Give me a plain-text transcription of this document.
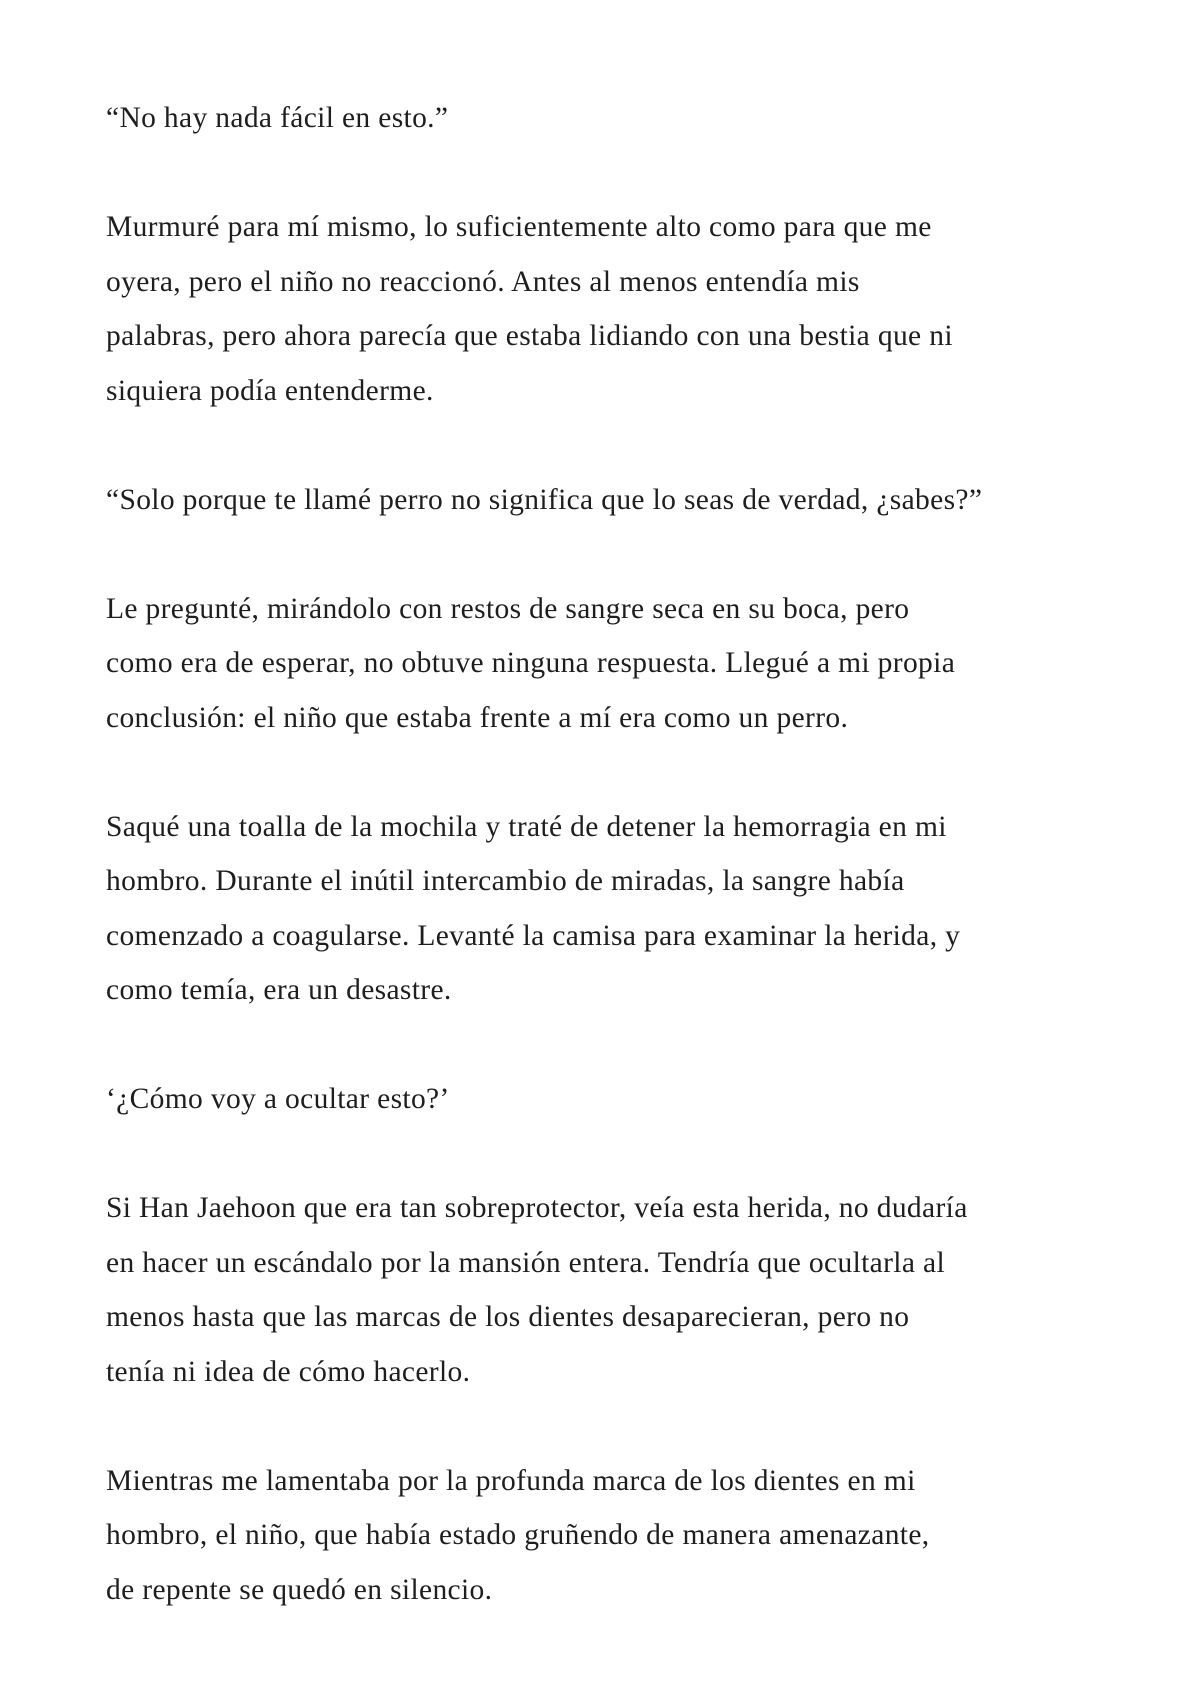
“No hay nada fácil en esto.”

Murmuré para mí mismo, lo suficientemente alto como para que me
oyera, pero el niño no reaccionó. Antes al menos entendía mis
palabras, pero ahora parecía que estaba lidiando con una bestia que ni
siquiera podía entenderme.

“Solo porque te llamé perro no significa que lo seas de verdad, ¿sabes?”

Le pregunté, mirándolo con restos de sangre seca en su boca, pero
como era de esperar, no obtuve ninguna respuesta. Llegué a mi propia
conclusión: el niño que estaba frente a mí era como un perro.

Saqué una toalla de la mochila y traté de detener la hemorragia en mi
hombro. Durante el inútil intercambio de miradas, la sangre había
comenzado a coagularse. Levanté la camisa para examinar la herida, y
como temía, era un desastre.

‘¿Cómo voy a ocultar esto?’

Si Han Jaehoon que era tan sobreprotector, veía esta herida, no dudaría
en hacer un escándalo por la mansión entera. Tendría que ocultarla al
menos hasta que las marcas de los dientes desaparecieran, pero no
tenía ni idea de cómo hacerlo.

Mientras me lamentaba por la profunda marca de los dientes en mi
hombro, el niño, que había estado gruñendo de manera amenazante,
de repente se quedó en silencio.
